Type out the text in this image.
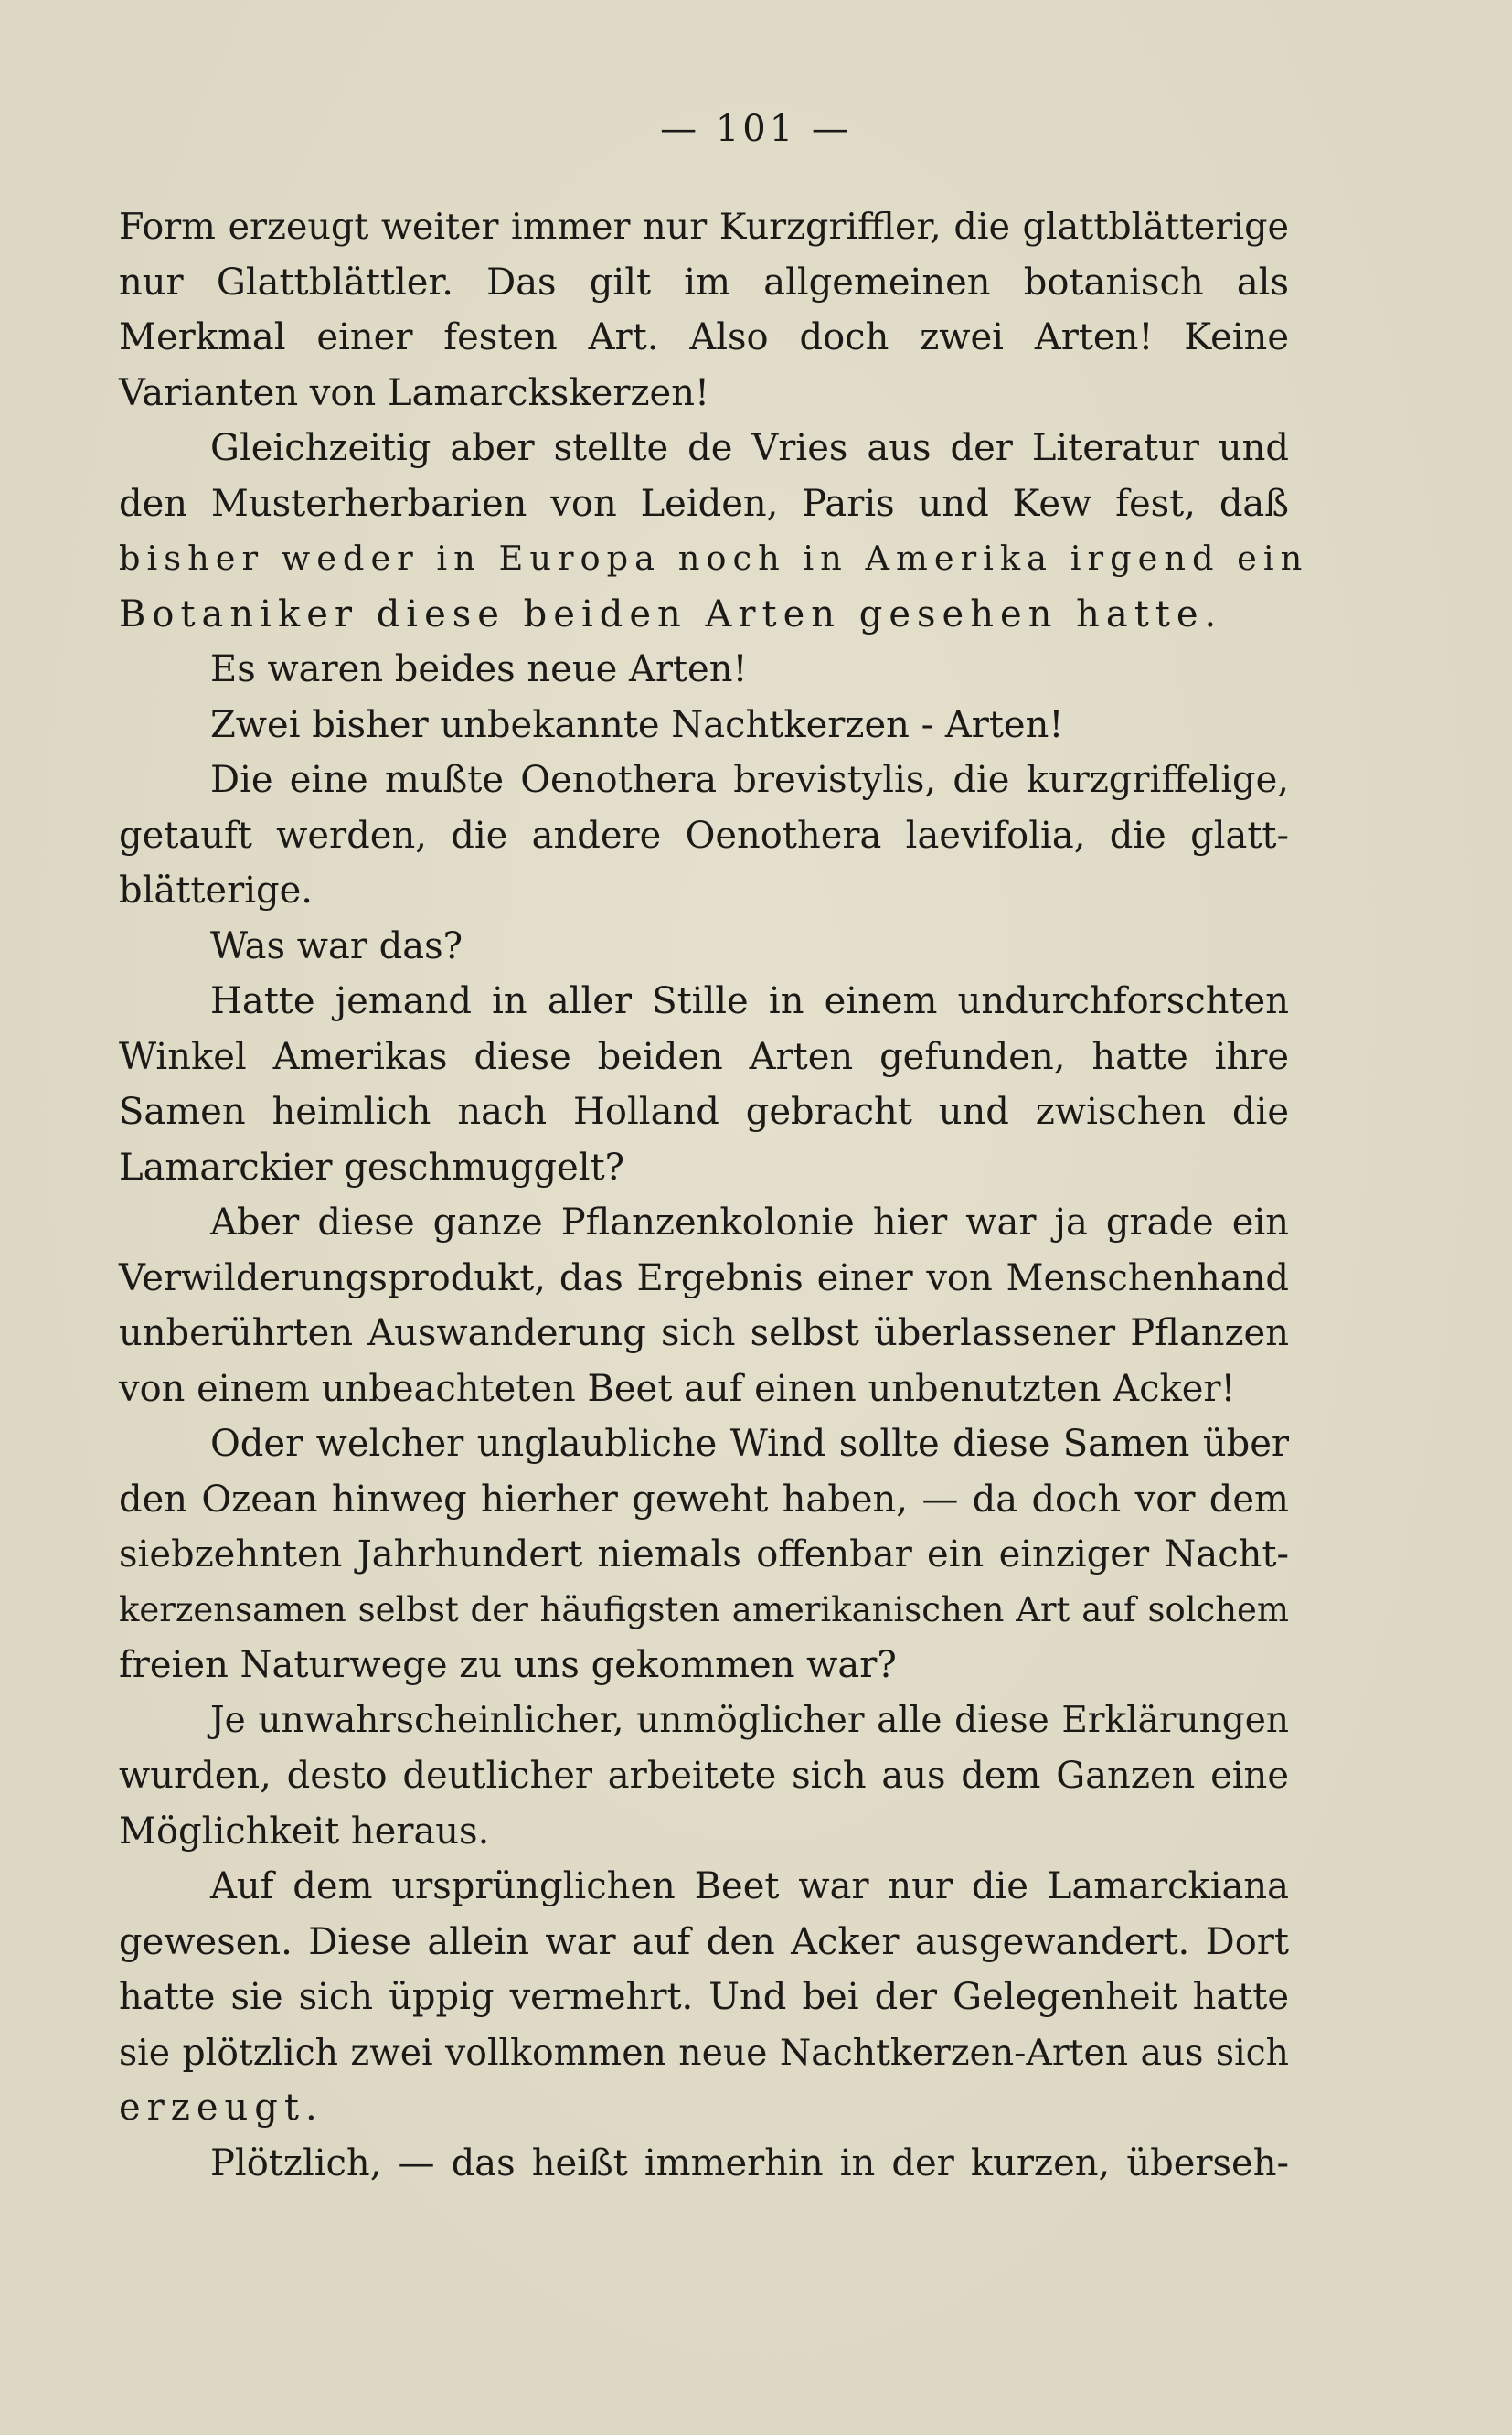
— 101 —

Form erzeugt weiter immer nur Kurzgriffler, die glattblätterige

nur Glattblättler. Das gilt im allgemeinen botanisch als

Merkmal einer festen Art. Also doch zwei Arten! Keine

Varianten von Lamarckskerzen!

Gleichzeitig aber stellte de Vries aus der Literatur und

den Musterherbarien von Leiden, Paris und Kew fest, daß

bisher weder in Europa noch in Amerika irgend ein

Botaniker diese beiden Arten gesehen hatte.

Es waren beides neue Arten!

Zwei bisher unbekannte Nachtkerzen - Arten!

Die eine mußte Oenothera brevistylis, die kurzgriffelige,

getauft werden, die andere Oenothera laevifolia, die glatt-

blätterige.

Was war das?

Hatte jemand in aller Stille in einem undurchforschten

Winkel Amerikas diese beiden Arten gefunden, hatte ihre

Samen heimlich nach Holland gebracht und zwischen die

Lamarckier geschmuggelt?

Aber diese ganze Pflanzenkolonie hier war ja grade ein

Verwilderungsprodukt, das Ergebnis einer von Menschenhand

unberührten Auswanderung sich selbst überlassener Pflanzen

von einem unbeachteten Beet auf einen unbenutzten Acker!

Oder welcher unglaubliche Wind sollte diese Samen über

den Ozean hinweg hierher geweht haben, — da doch vor dem

siebzehnten Jahrhundert niemals offenbar ein einziger Nacht-

kerzensamen selbst der häufigsten amerikanischen Art auf solchem

freien Naturwege zu uns gekommen war?

Je unwahrscheinlicher, unmöglicher alle diese Erklärungen

wurden, desto deutlicher arbeitete sich aus dem Ganzen eine

Möglichkeit heraus.

Auf dem ursprünglichen Beet war nur die Lamarckiana

gewesen. Diese allein war auf den Acker ausgewandert. Dort

hatte sie sich üppig vermehrt. Und bei der Gelegenheit hatte

sie plötzlich zwei vollkommen neue Nachtkerzen-Arten aus sich

erzeugt.

Plötzlich, — das heißt immerhin in der kurzen, überseh-
